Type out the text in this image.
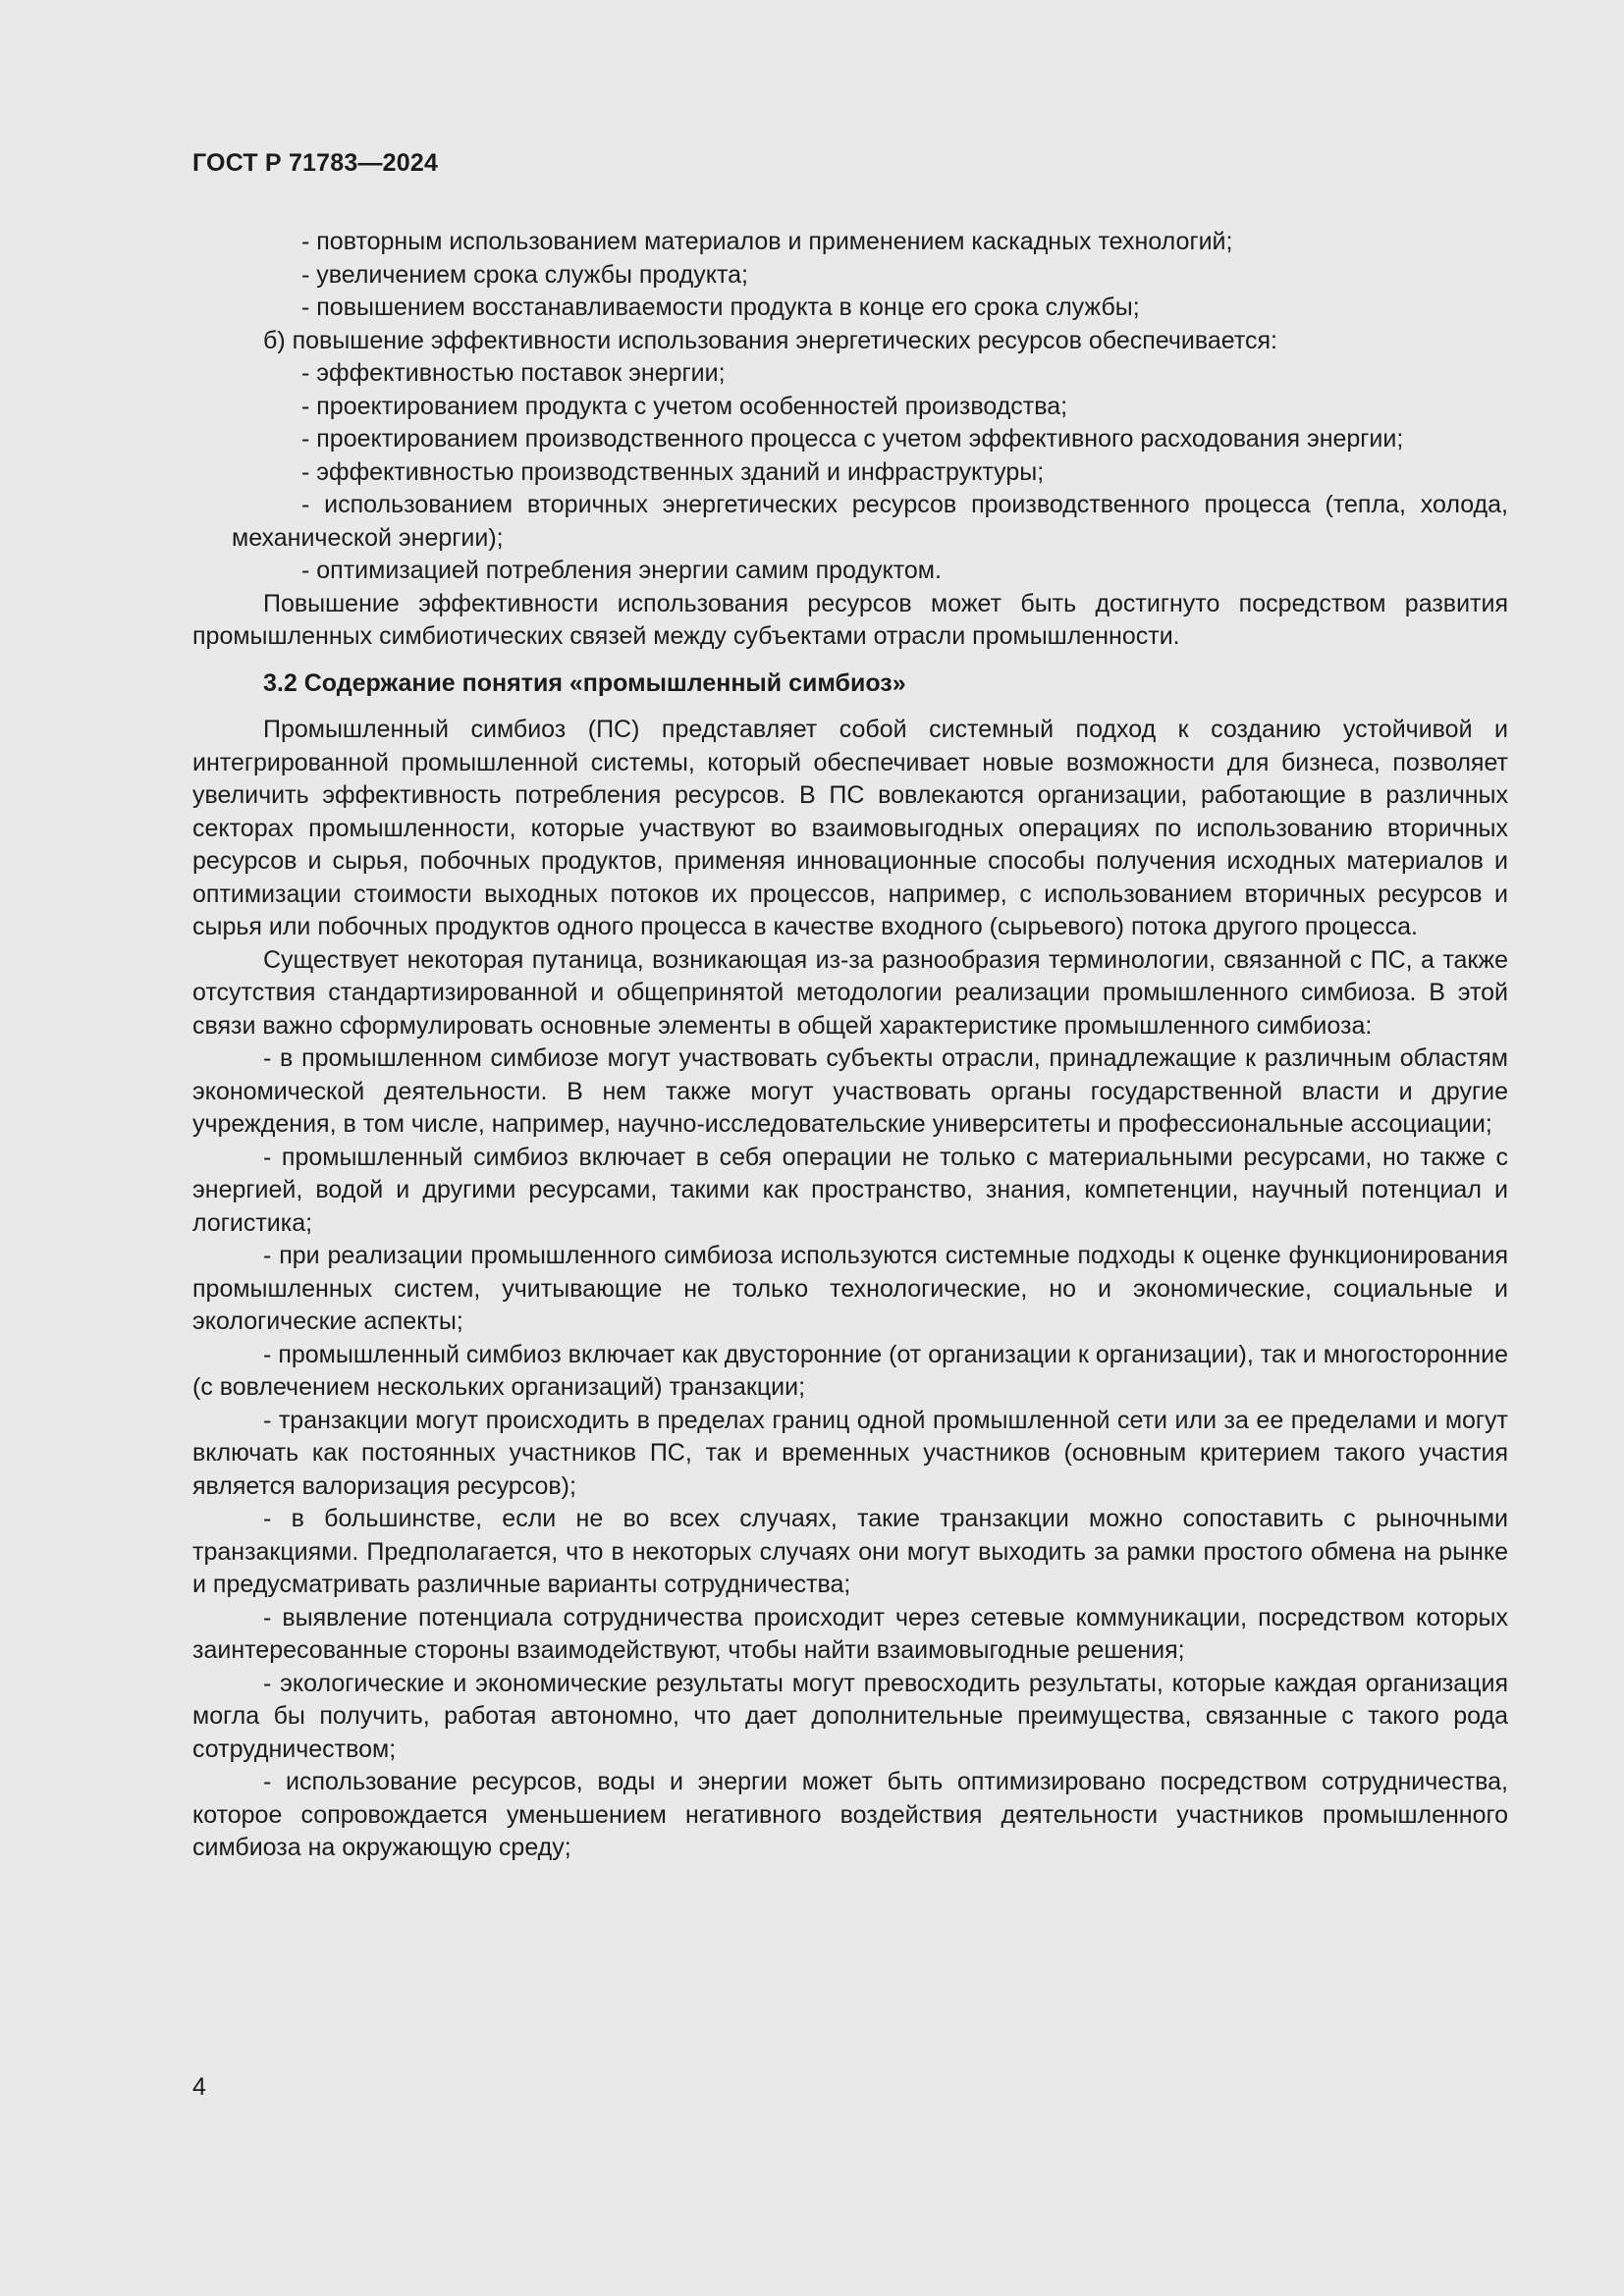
ГОСТ Р 71783—2024

- повторным использованием материалов и применением каскадных технологий;

- увеличением срока службы продукта;

- повышением восстанавливаемости продукта в конце его срока службы;

б) повышение эффективности использования энергетических ресурсов обеспечивается:

- эффективностью поставок энергии;

- проектированием продукта с учетом особенностей производства;

- проектированием производственного процесса с учетом эффективного расходования энергии;

- эффективностью производственных зданий и инфраструктуры;

- использованием вторичных энергетических ресурсов производственного процесса (тепла, холода, механической энергии);

- оптимизацией потребления энергии самим продуктом.

Повышение эффективности использования ресурсов может быть достигнуто посредством развития промышленных симбиотических связей между субъектами отрасли промышленности.

3.2 Содержание понятия «промышленный симбиоз»

Промышленный симбиоз (ПС) представляет собой системный подход к созданию устойчивой и интегрированной промышленной системы, который обеспечивает новые возможности для бизнеса, позволяет увеличить эффективность потребления ресурсов. В ПС вовлекаются организации, работающие в различных секторах промышленности, которые участвуют во взаимовыгодных операциях по использованию вторичных ресурсов и сырья, побочных продуктов, применяя инновационные способы получения исходных материалов и оптимизации стоимости выходных потоков их процессов, например, с использованием вторичных ресурсов и сырья или побочных продуктов одного процесса в качестве входного (сырьевого) потока другого процесса.

Существует некоторая путаница, возникающая из-за разнообразия терминологии, связанной с ПС, а также отсутствия стандартизированной и общепринятой методологии реализации промышленного симбиоза. В этой связи важно сформулировать основные элементы в общей характеристике промышленного симбиоза:

- в промышленном симбиозе могут участвовать субъекты отрасли, принадлежащие к различным областям экономической деятельности. В нем также могут участвовать органы государственной власти и другие учреждения, в том числе, например, научно-исследовательские университеты и профессиональные ассоциации;

- промышленный симбиоз включает в себя операции не только с материальными ресурсами, но также с энергией, водой и другими ресурсами, такими как пространство, знания, компетенции, научный потенциал и логистика;

- при реализации промышленного симбиоза используются системные подходы к оценке функционирования промышленных систем, учитывающие не только технологические, но и экономические, социальные и экологические аспекты;

- промышленный симбиоз включает как двусторонние (от организации к организации), так и многосторонние (с вовлечением нескольких организаций) транзакции;

- транзакции могут происходить в пределах границ одной промышленной сети или за ее пределами и могут включать как постоянных участников ПС, так и временных участников (основным критерием такого участия является валоризация ресурсов);

- в большинстве, если не во всех случаях, такие транзакции можно сопоставить с рыночными транзакциями. Предполагается, что в некоторых случаях они могут выходить за рамки простого обмена на рынке и предусматривать различные варианты сотрудничества;

- выявление потенциала сотрудничества происходит через сетевые коммуникации, посредством которых заинтересованные стороны взаимодействуют, чтобы найти взаимовыгодные решения;

- экологические и экономические результаты могут превосходить результаты, которые каждая организация могла бы получить, работая автономно, что дает дополнительные преимущества, связанные с такого рода сотрудничеством;

- использование ресурсов, воды и энергии может быть оптимизировано посредством сотрудничества, которое сопровождается уменьшением негативного воздействия деятельности участников промышленного симбиоза на окружающую среду;

4
